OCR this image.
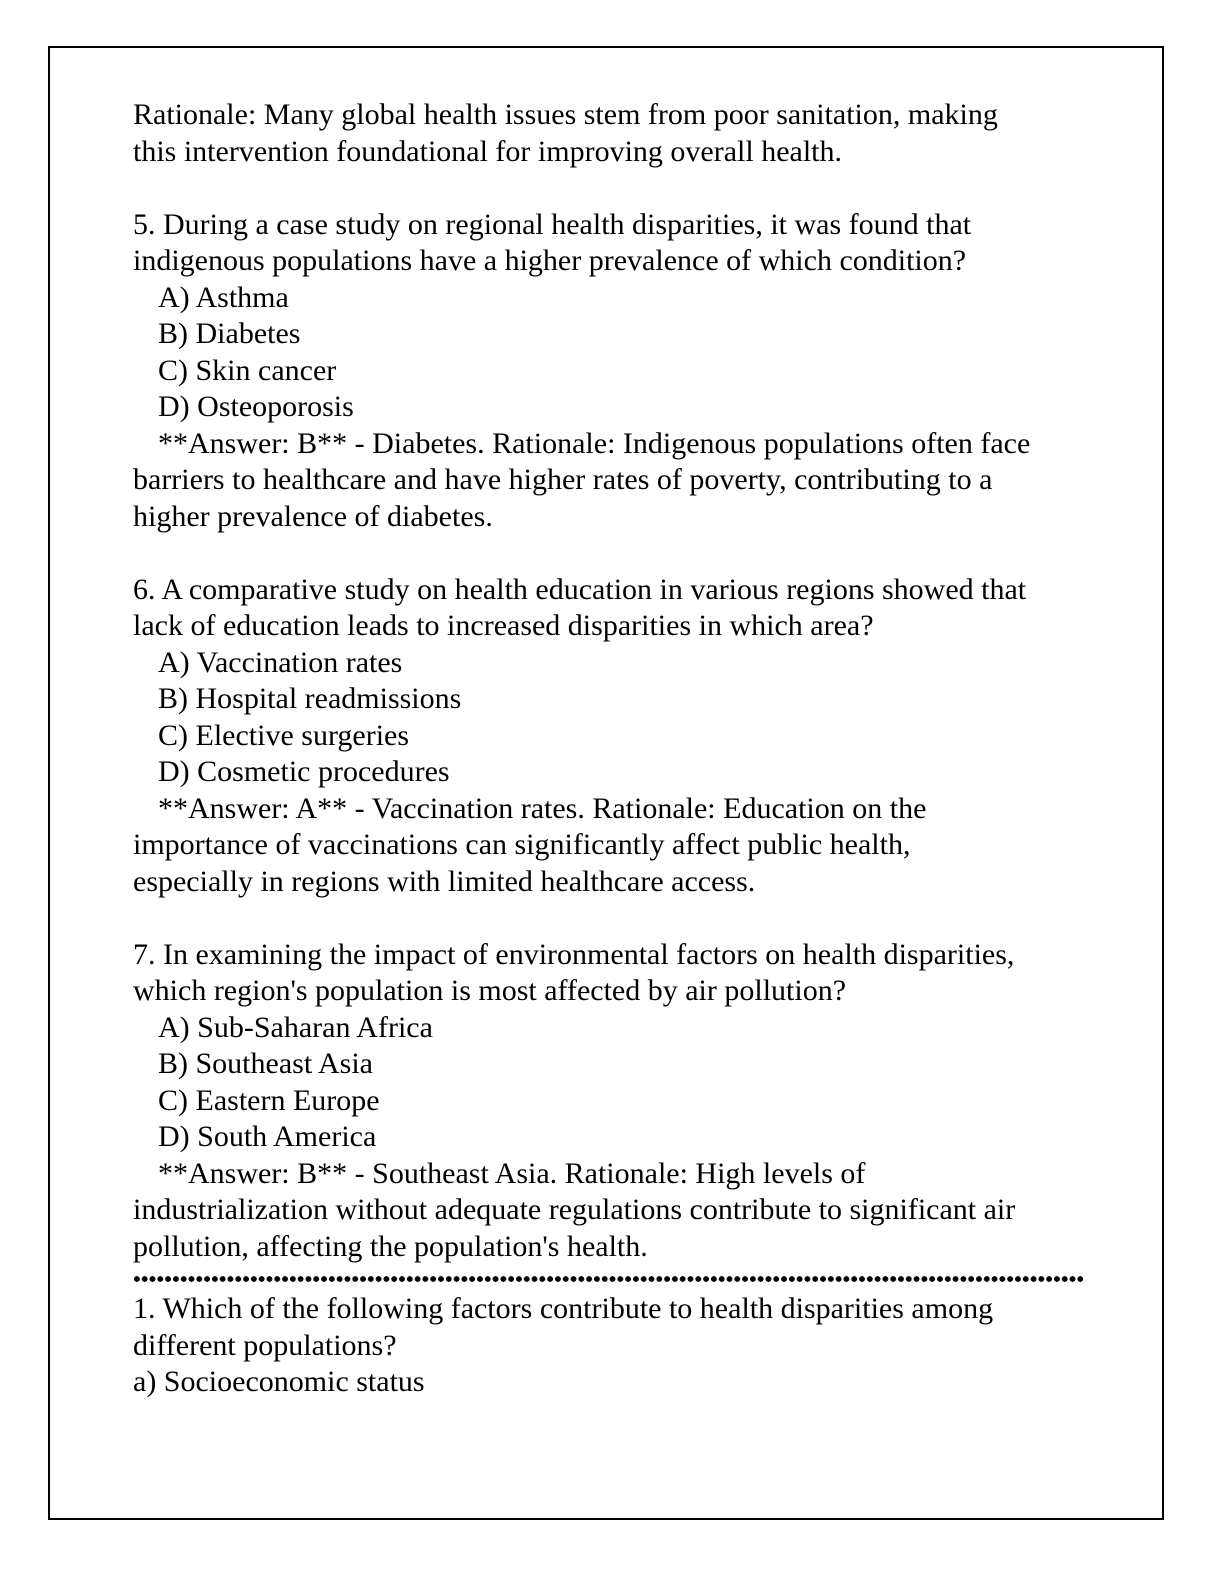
Rationale: Many global health issues stem from poor sanitation, making
this intervention foundational for improving overall health.
5. During a case study on regional health disparities, it was found that
indigenous populations have a higher prevalence of which condition?
A) Asthma
B) Diabetes
C) Skin cancer
D) Osteoporosis
**Answer: B** - Diabetes. Rationale: Indigenous populations often face
barriers to healthcare and have higher rates of poverty, contributing to a
higher prevalence of diabetes.
6. A comparative study on health education in various regions showed that
lack of education leads to increased disparities in which area?
A) Vaccination rates
B) Hospital readmissions
C) Elective surgeries
D) Cosmetic procedures
**Answer: A** - Vaccination rates. Rationale: Education on the
importance of vaccinations can significantly affect public health,
especially in regions with limited healthcare access.
7. In examining the impact of environmental factors on health disparities,
which region's population is most affected by air pollution?
A) Sub-Saharan Africa
B) Southeast Asia
C) Eastern Europe
D) South America
**Answer: B** - Southeast Asia. Rationale: High levels of
industrialization without adequate regulations contribute to significant air
pollution, affecting the population's health.
1. Which of the following factors contribute to health disparities among
different populations?
a) Socioeconomic status
